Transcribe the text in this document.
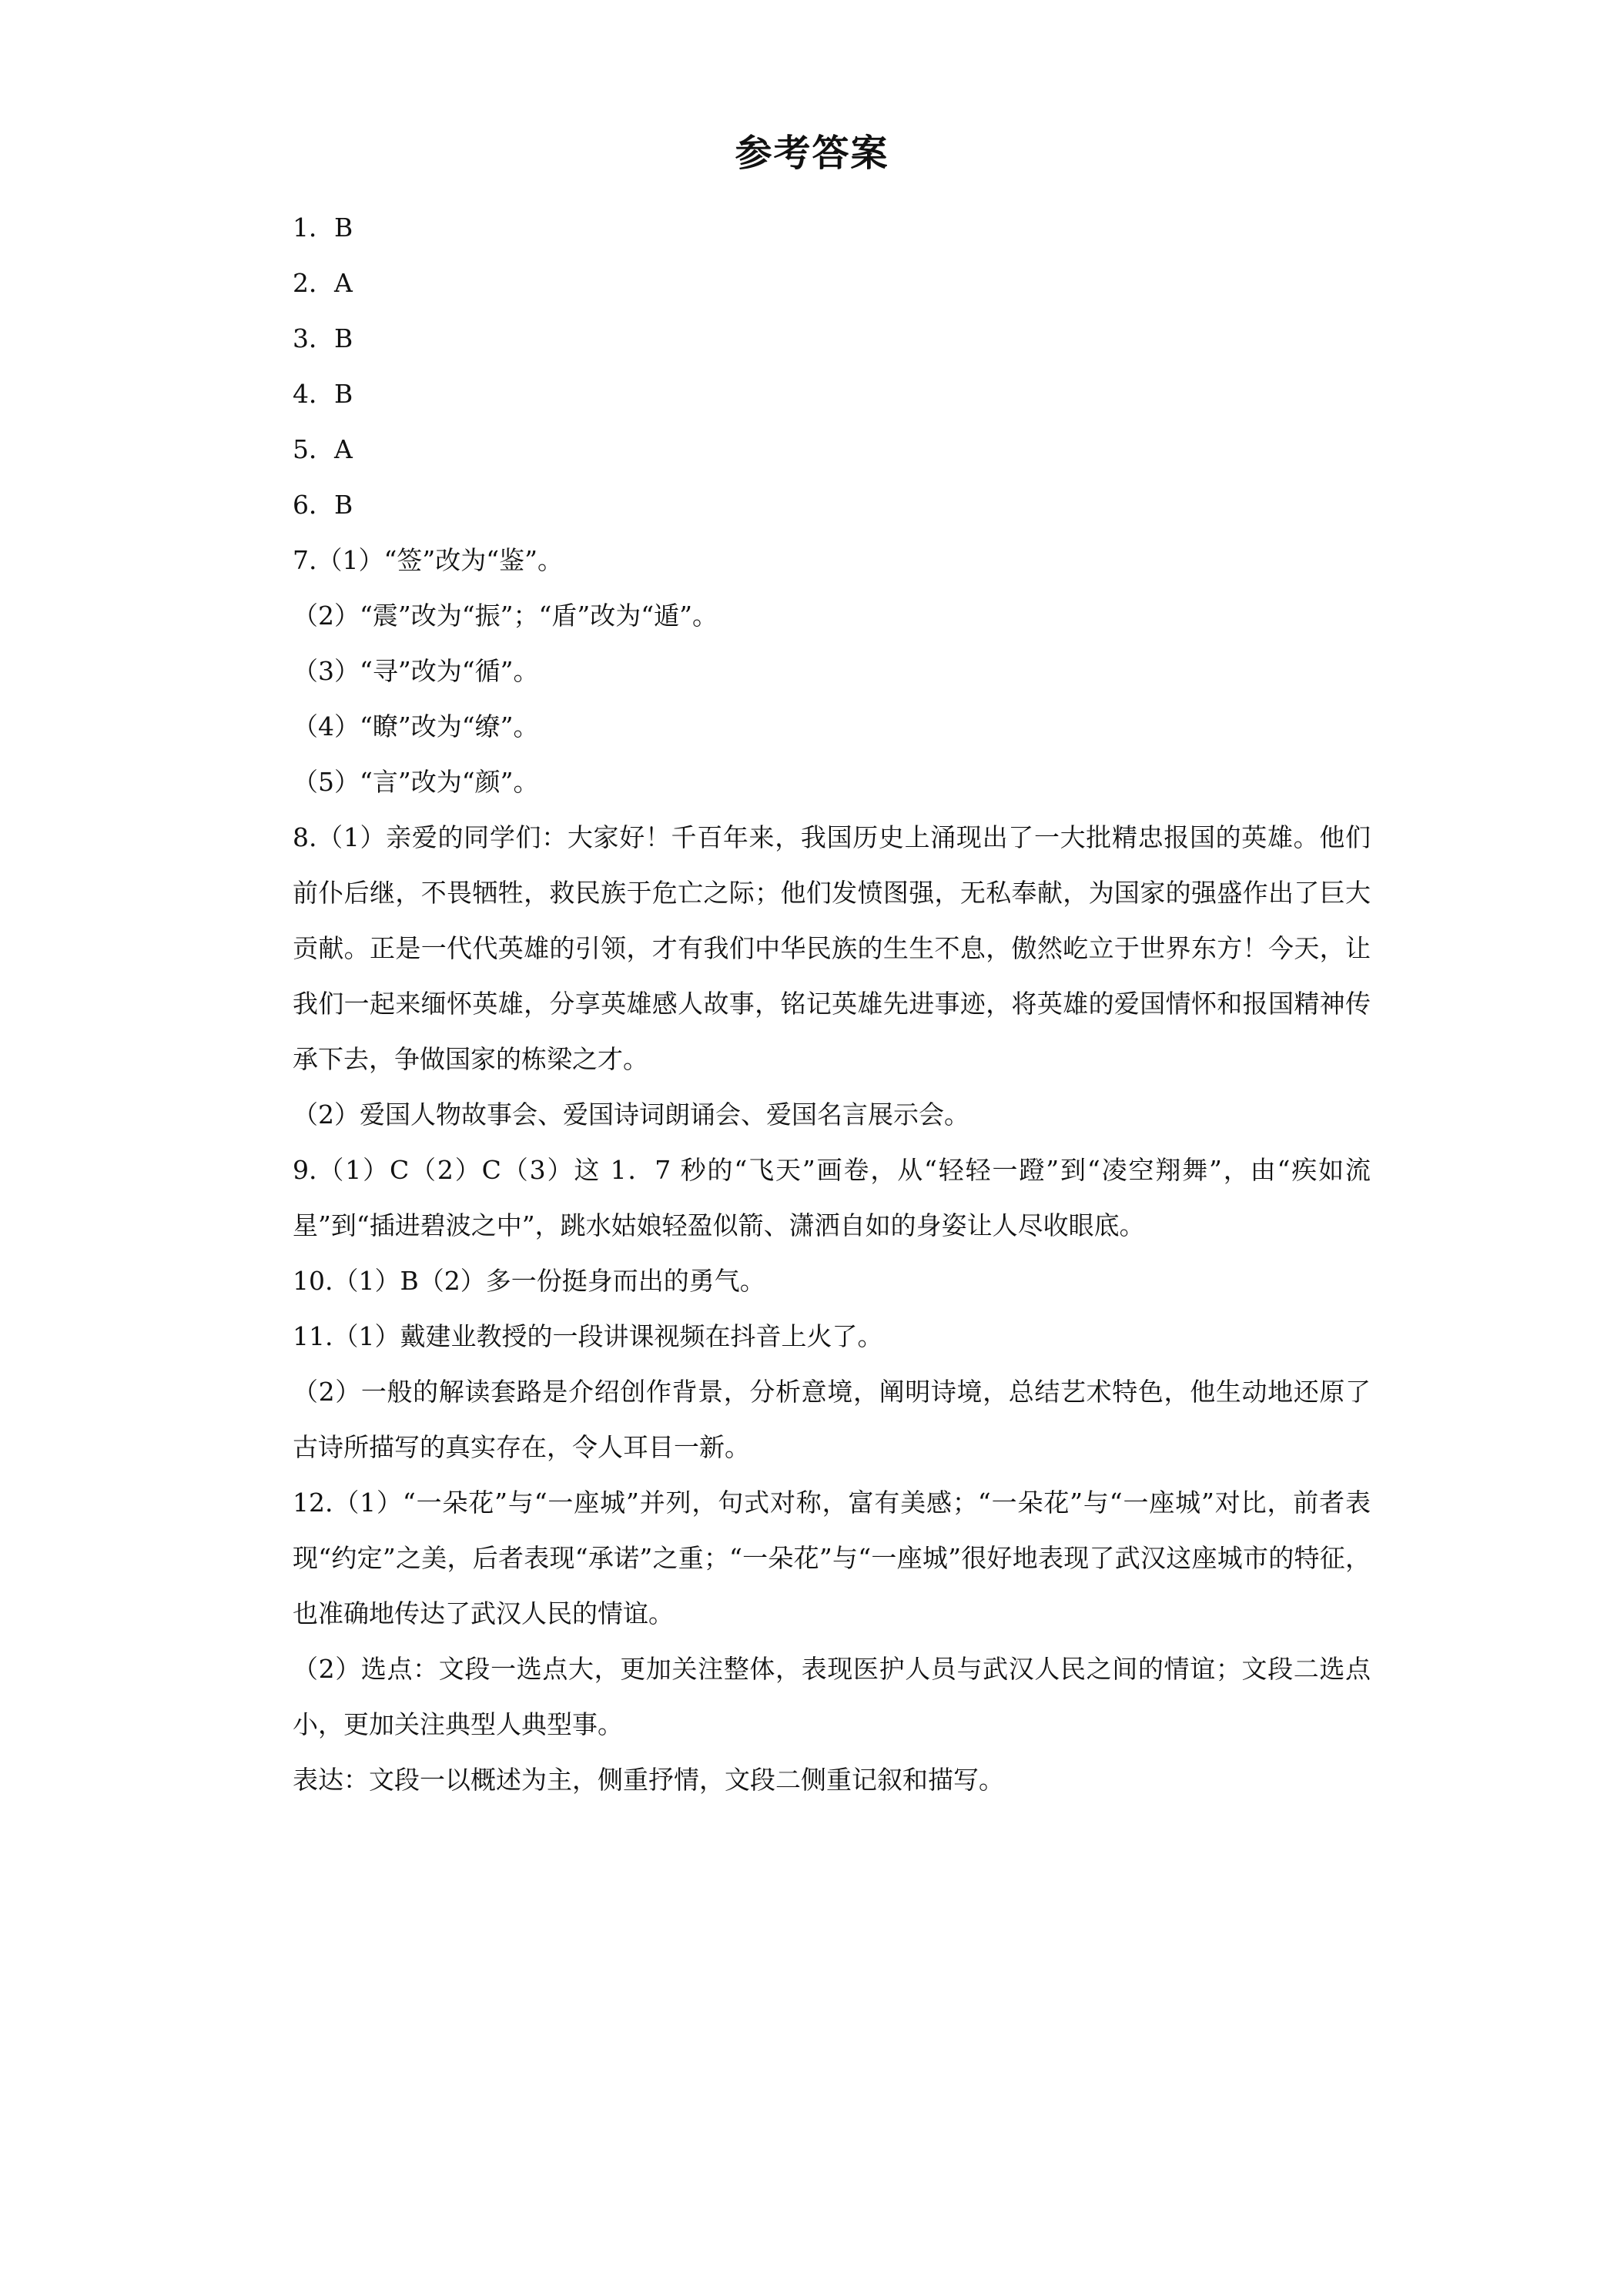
参考答案

1．B

2．A

3．B

4．B

5．A

6．B

7.（1）“签”改为“鉴”。

（2）“震”改为“振”；“盾”改为“遁”。

（3）“寻”改为“循”。

（4）“瞭”改为“缭”。

（5）“言”改为“颜”。

8.（1）亲爱的同学们：大家好！千百年来，我国历史上涌现出了一大批精忠报国的英雄。他们前仆后继，不畏牺牲，救民族于危亡之际；他们发愤图强，无私奉献，为国家的强盛作出了巨大贡献。正是一代代英雄的引领，才有我们中华民族的生生不息，傲然屹立于世界东方！今天，让我们一起来缅怀英雄，分享英雄感人故事，铭记英雄先进事迹，将英雄的爱国情怀和报国精神传承下去，争做国家的栋梁之才。

（2）爱国人物故事会、爱国诗词朗诵会、爱国名言展示会。

9.（1）C（2）C（3）这 1．7 秒的“飞天”画卷，从“轻轻一蹬”到“凌空翔舞”，由“疾如流星”到“插进碧波之中”，跳水姑娘轻盈似箭、潇洒自如的身姿让人尽收眼底。

10.（1）B（2）多一份挺身而出的勇气。

11.（1）戴建业教授的一段讲课视频在抖音上火了。

（2）一般的解读套路是介绍创作背景，分析意境，阐明诗境，总结艺术特色，他生动地还原了古诗所描写的真实存在，令人耳目一新。

12.（1）“一朵花”与“一座城”并列，句式对称，富有美感；“一朵花”与“一座城”对比，前者表现“约定”之美，后者表现“承诺”之重；“一朵花”与“一座城”很好地表现了武汉这座城市的特征，也准确地传达了武汉人民的情谊。

（2）选点：文段一选点大，更加关注整体，表现医护人员与武汉人民之间的情谊；文段二选点小，更加关注典型人典型事。

表达：文段一以概述为主，侧重抒情，文段二侧重记叙和描写。
